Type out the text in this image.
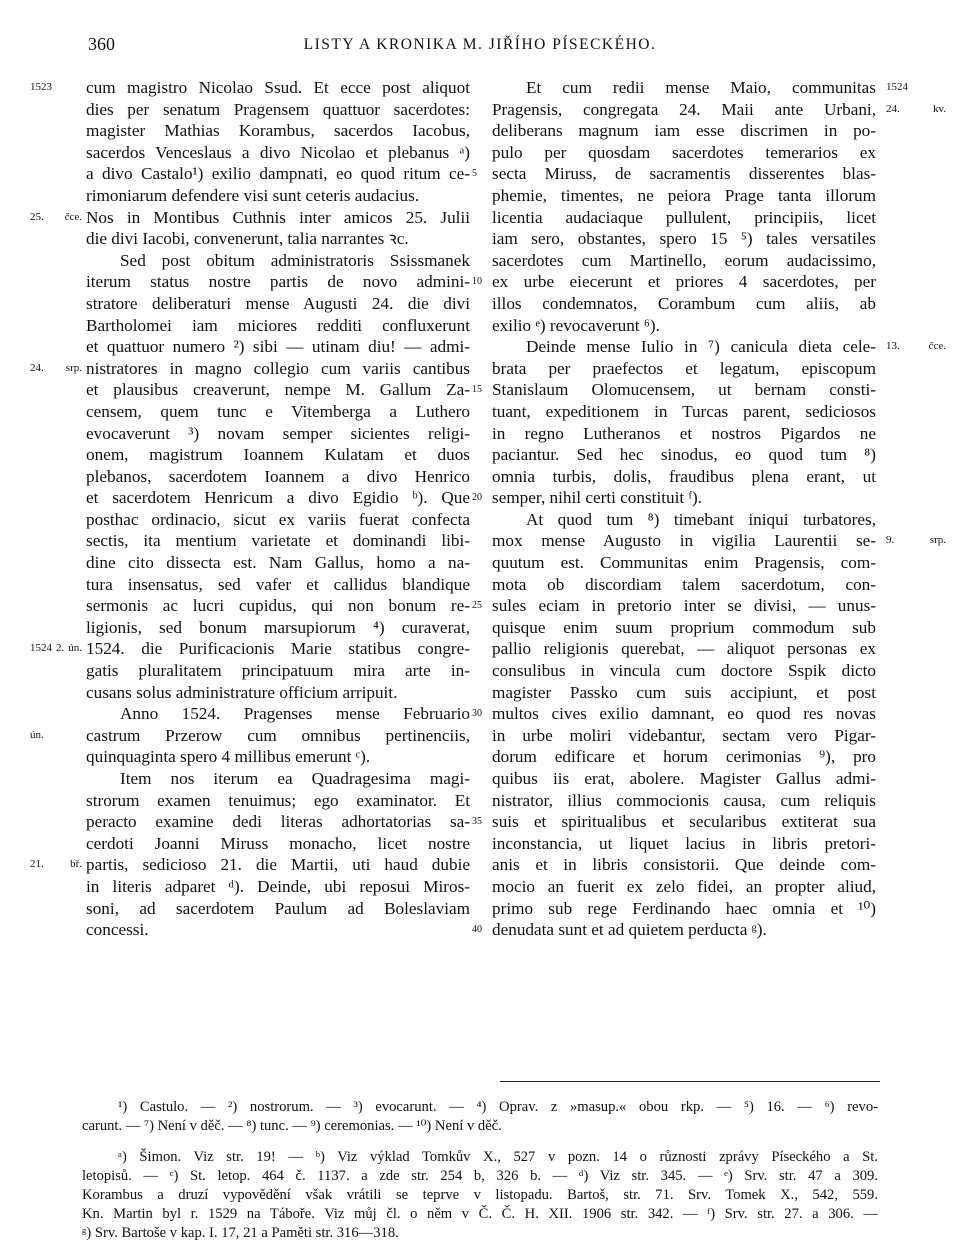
360	LISTY A KRONIKA M. JIŘÍHO PÍSECKÉHO.
cum magistro Nicolao Ssud. Et ecce post aliquot
1523
dies per senatum Pragensem quattuor sacerdotes:
magister Mathias Korambus, sacerdos Iacobus,
sacerdos Venceslaus a divo Nicolao et plebanus ᵃ)
a divo Castalo¹) exilio dampnati, eo quod ritum ce-
rimoniarum defendere visi sunt ceteris audacius.
Nos in Montibus Cuthnis inter amicos 25. Julii
25. čce.
die divi Iacobi, convenerunt, talia narrantes ꝛc.
Sed post obitum administratoris Ssissmanek
iterum status nostre partis de novo admini-
stratore deliberaturi mense Augusti 24. die divi
Bartholomei iam miciores redditi confluxerunt
et quattuor numero ²) sibi — utinam diu! — admi-
nistratores in magno collegio cum variis cantibus
24. srp.
et plausibus creaverunt, nempe M. Gallum Za-
censem, quem tunc e Vitemberga a Luthero
evocaverunt ³) novam semper sicientes religi-
onem, magistrum Ioannem Kulatam et duos
plebanos, sacerdotem Ioannem a divo Henrico
et sacerdotem Henricum a divo Egidio ᵇ). Que
posthac ordinacio, sicut ex variis fuerat confecta
sectis, ita mentium varietate et dominandi libi-
dine cito dissecta est. Nam Gallus, homo a na-
tura insensatus, sed vafer et callidus blandique
sermonis ac lucri cupidus, qui non bonum re-
ligionis, sed bonum marsupiorum ⁴) curaverat,
1524. die Purificacionis Marie statibus congre-
1524 2. ún.
gatis pluralitatem principatuum mira arte in-
cusans solus administrature officium arripuit.
Anno 1524. Pragenses mense Februario
castrum Przerow cum omnibus pertinenciis,
ún.
quinquaginta spero 4 millibus emerunt ᶜ).
Item nos iterum ea Quadragesima magi-
strorum examen tenuimus; ego examinator. Et
peracto examine dedi literas adhortatorias sa-
cerdoti Joanni Miruss monacho, licet nostre
partis, sedicioso 21. die Martii, uti haud dubie
21. bř.
in literis adparet ᵈ). Deinde, ubi reposui Miros-
soni, ad sacerdotem Paulum ad Boleslaviam
concessi.
Et cum redii mense Maio, communitas 1524
Pragensis, congregata 24. Maii ante Urbani, 24. kv.
deliberans magnum iam esse discrimen in po-
pulo per quosdam sacerdotes temerarios ex
secta Miruss, de sacramentis disserentes blas-
5
phemie, timentes, ne peiora Prage tanta illorum
licentia audaciaque pullulent, principiis, licet
iam sero, obstantes, spero 15 ⁵) tales versatiles
sacerdotes cum Martinello, eorum audacissimo,
ex urbe eiecerunt et priores 4 sacerdotes, per
10
illos condemnatos, Corambum cum aliis, ab
exilio ᵉ) revocaverunt ⁶).
Deinde mense Iulio in ⁷) canicula dieta cele- 13. čce.
brata per praefectos et legatum, episcopum
Stanislaum Olomucensem, ut bernam consti-
15
tuant, expeditionem in Turcas parent, sediciosos
in regno Lutheranos et nostros Pigardos ne
paciantur. Sed hec sinodus, eo quod tum ⁸)
omnia turbis, dolis, fraudibus plena erant, ut
semper, nihil certi constituit ᶠ).
20
At quod tum ⁸) timebant iniqui turbatores,
mox mense Augusto in vigilia Laurentii se- 9. srp.
quutum est. Communitas enim Pragensis, com-
mota ob discordiam talem sacerdotum, con-
sules eciam in pretorio inter se divisi, — unus-
25
quisque enim suum proprium commodum sub
pallio religionis querebat, — aliquot personas ex
consulibus in vincula cum doctore Sspik dicto
magister Passko cum suis accipiunt, et post
multos cives exilio damnant, eo quod res novas
30
in urbe moliri videbantur, sectam vero Pigar-
dorum edificare et horum cerimonias ⁹), pro
quibus iis erat, abolere. Magister Gallus admi-
nistrator, illius commocionis causa, cum reliquis
suis et spiritualibus et secularibus extiterat sua
35
inconstancia, ut liquet lacius in libris pretori-
anis et in libris consistorii. Que deinde com-
mocio an fuerit ex zelo fidei, an propter aliud,
primo sub rege Ferdinando haec omnia et ¹⁰)
denudata sunt et ad quietem perducta ᵍ).
40
¹) Castulo. — ²) nostrorum. — ³) evocarunt. — ⁴) Oprav. z »masup.« obou rkp. — ⁵) 16. — ⁶) revo-
carunt. — ⁷) Není v děč. — ⁸) tunc. — ⁹) ceremonias. — ¹⁰) Není v děč.
ᵃ) Šimon. Viz str. 19! — ᵇ) Viz výklad Tomkův X., 527 v pozn. 14 o různosti zprávy Píseckého a St.
letopisů. — ᶜ) St. letop. 464 č. 1137. a zde str. 254 b, 326 b. — ᵈ) Viz str. 345. — ᵉ) Srv. str. 47 a 309.
Korambus a druzí vypovědění však vrátili se teprve v listopadu. Bartoš, str. 71. Srv. Tomek X., 542, 559.
Kn. Martin byl r. 1529 na Táboře. Viz můj čl. o něm v Č. Č. H. XII. 1906 str. 342. — ᶠ) Srv. str. 27. a 306. —
ᵍ) Srv. Bartoše v kap. I. 17, 21 a Paměti str. 316—318.
